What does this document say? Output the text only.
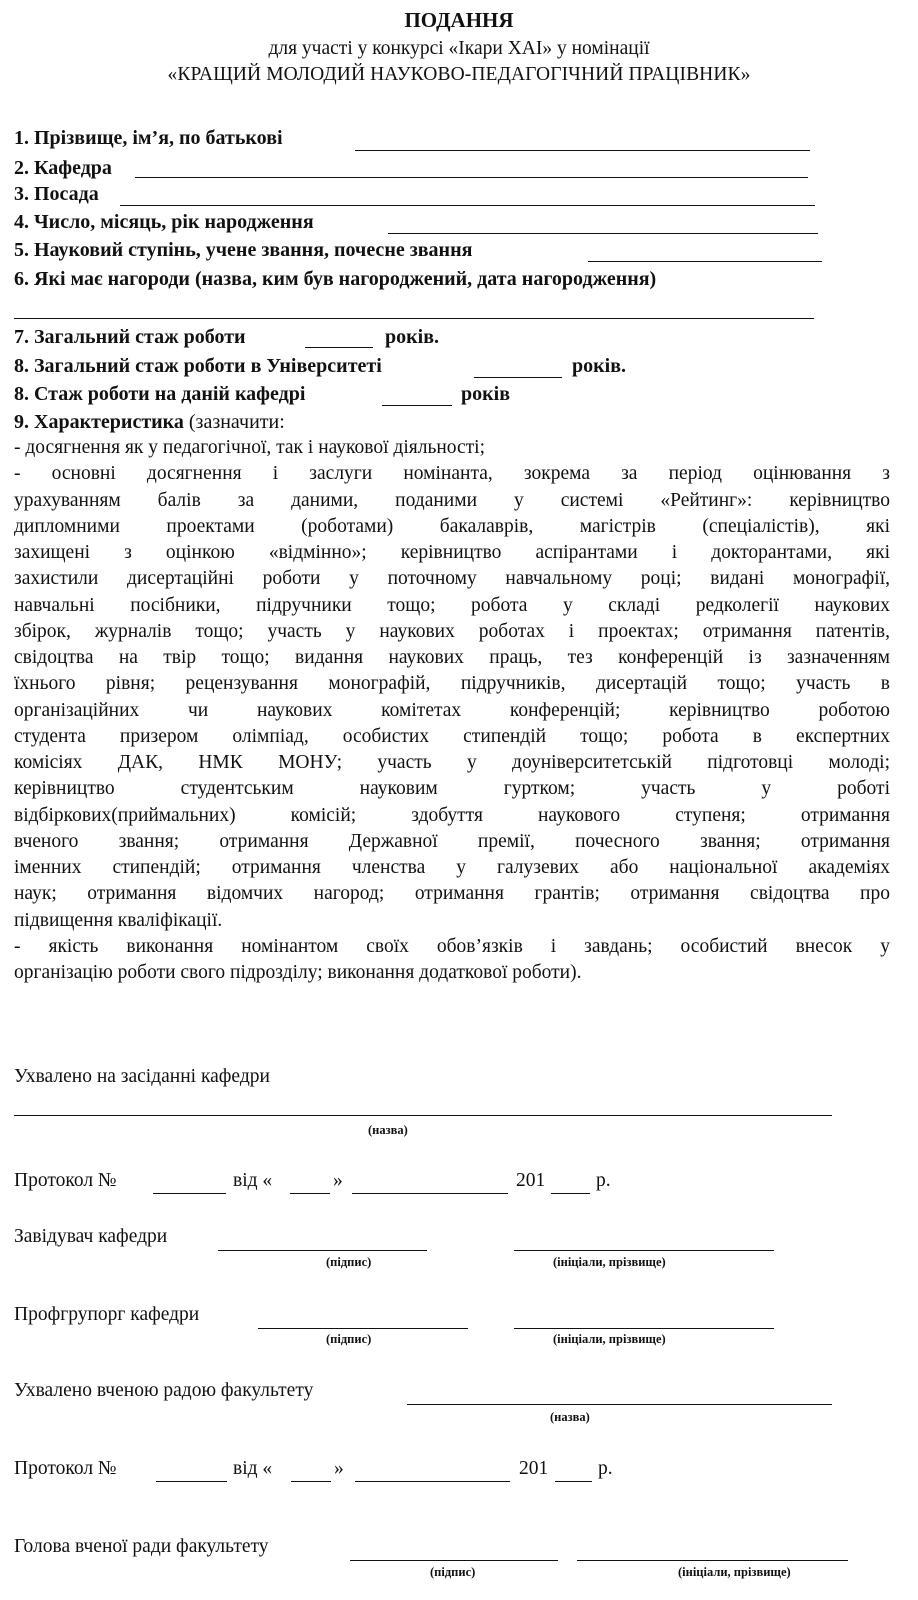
ПОДАННЯ
для участі у конкурсі «Ікари ХАІ» у номінації
«КРАЩИЙ МОЛОДИЙ НАУКОВО-ПЕДАГОГІЧНИЙ ПРАЦІВНИК»
1. Прізвище, ім’я, по батькові
2. Кафедра
3. Посада
4. Число, місяць, рік народження
5. Науковий ступінь, учене звання, почесне звання
6. Які має нагороди (назва, ким був нагороджений, дата нагородження)
7. Загальний стаж роботи	років.
8. Загальний стаж роботи в Університеті	років.
8. Стаж роботи на даній кафедрі	років
9. Характеристика (зазначити:
- досягнення як у педагогічної, так і наукової діяльності;
- основні досягнення і заслуги номінанта, зокрема за період оцінювання з
урахуванням балів за даними, поданими у системі «Рейтинг»: керівництво
дипломними проектами (роботами) бакалаврів, магістрів (спеціалістів), які
захищені з оцінкою «відмінно»; керівництво аспірантами і докторантами, які
захистили дисертаційні роботи у поточному навчальному році; видані монографії,
навчальні посібники, підручники тощо; робота у складі редколегії наукових
збірок, журналів тощо; участь у наукових роботах і проектах; отримання патентів,
свідоцтва на твір тощо; видання наукових праць, тез конференцій із зазначенням
їхнього рівня; рецензування монографій, підручників, дисертацій тощо; участь в
організаційних чи наукових комітетах конференцій; керівництво роботою
студента призером олімпіад, особистих стипендій тощо; робота в експертних
комісіях ДАК, НМК МОНУ; участь у доуніверситетській підготовці молоді;
керівництво студентським науковим гуртком; участь у роботі
відбіркових(приймальних) комісій; здобуття наукового ступеня; отримання
вченого звання; отримання Державної премії, почесного звання; отримання
іменних стипендій; отримання членства у галузевих або національної академіях
наук; отримання відомчих нагород; отримання грантів; отримання свідоцтва про
підвищення кваліфікації.
- якість виконання номінантом своїх обов’язків і завдань; особистий внесок у
організацію роботи свого підрозділу; виконання додаткової роботи).
Ухвалено на засіданні кафедри
(назва)
Протокол №	від «	»	201	р.
Завідувач кафедри
(підпис)	(ініціали, прізвище)
Профгрупорг кафедри
(підпис)	(ініціали, прізвище)
Ухвалено вченою радою факультету
(назва)
Протокол №	від «	»	201	р.
Голова вченої ради факультету
(підпис)	(ініціали, прізвище)
